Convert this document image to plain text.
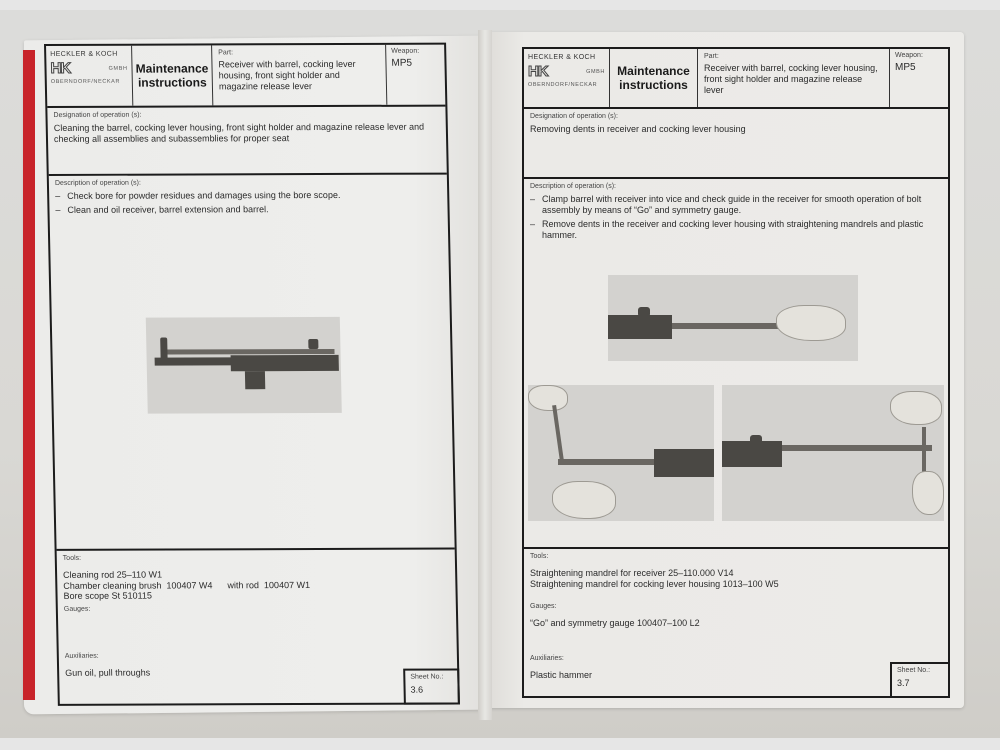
HECKLER & KOCH
HK	GMBH
OBERNDORF/NECKAR
Maintenance
instructions
Part:
Receiver with barrel, cocking lever housing, front sight holder and magazine release lever
Weapon:
MP5
Designation of operation (s):
Cleaning the barrel, cocking lever housing, front sight holder and magazine release lever and checking all assemblies and subassemblies for proper seat
Description of operation (s):
– Check bore for powder residues and damages using the bore scope.
– Clean and oil receiver, barrel extension and barrel.
Tools:
Cleaning rod 25–110 W1
Chamber cleaning brush  100407 W4      with rod  100407 W1
Bore scope St 510115
Gauges:
Auxiliaries:
Gun oil, pull throughs	Sheet No.:
3.6
HECKLER & KOCH
HK	GMBH
OBERNDORF/NECKAR
Maintenance
instructions
Part:
Receiver with barrel, cocking lever housing, front sight holder and magazine release lever
Weapon:
MP5
Designation of operation (s):
Removing dents in receiver and cocking lever housing
Description of operation (s):
– Clamp barrel with receiver into vice and check guide in the receiver for smooth operation of bolt assembly by means of “Go” and symmetry gauge.
– Remove dents in the receiver and cocking lever housing with straightening mandrels and plastic hammer.
Tools:
Straightening mandrel for receiver 25–110.000 V14
Straightening mandrel for cocking lever housing 1013–100 W5
Gauges:
“Go” and symmetry gauge 100407–100 L2
Auxiliaries:
Plastic hammer	Sheet No.:
3.7
